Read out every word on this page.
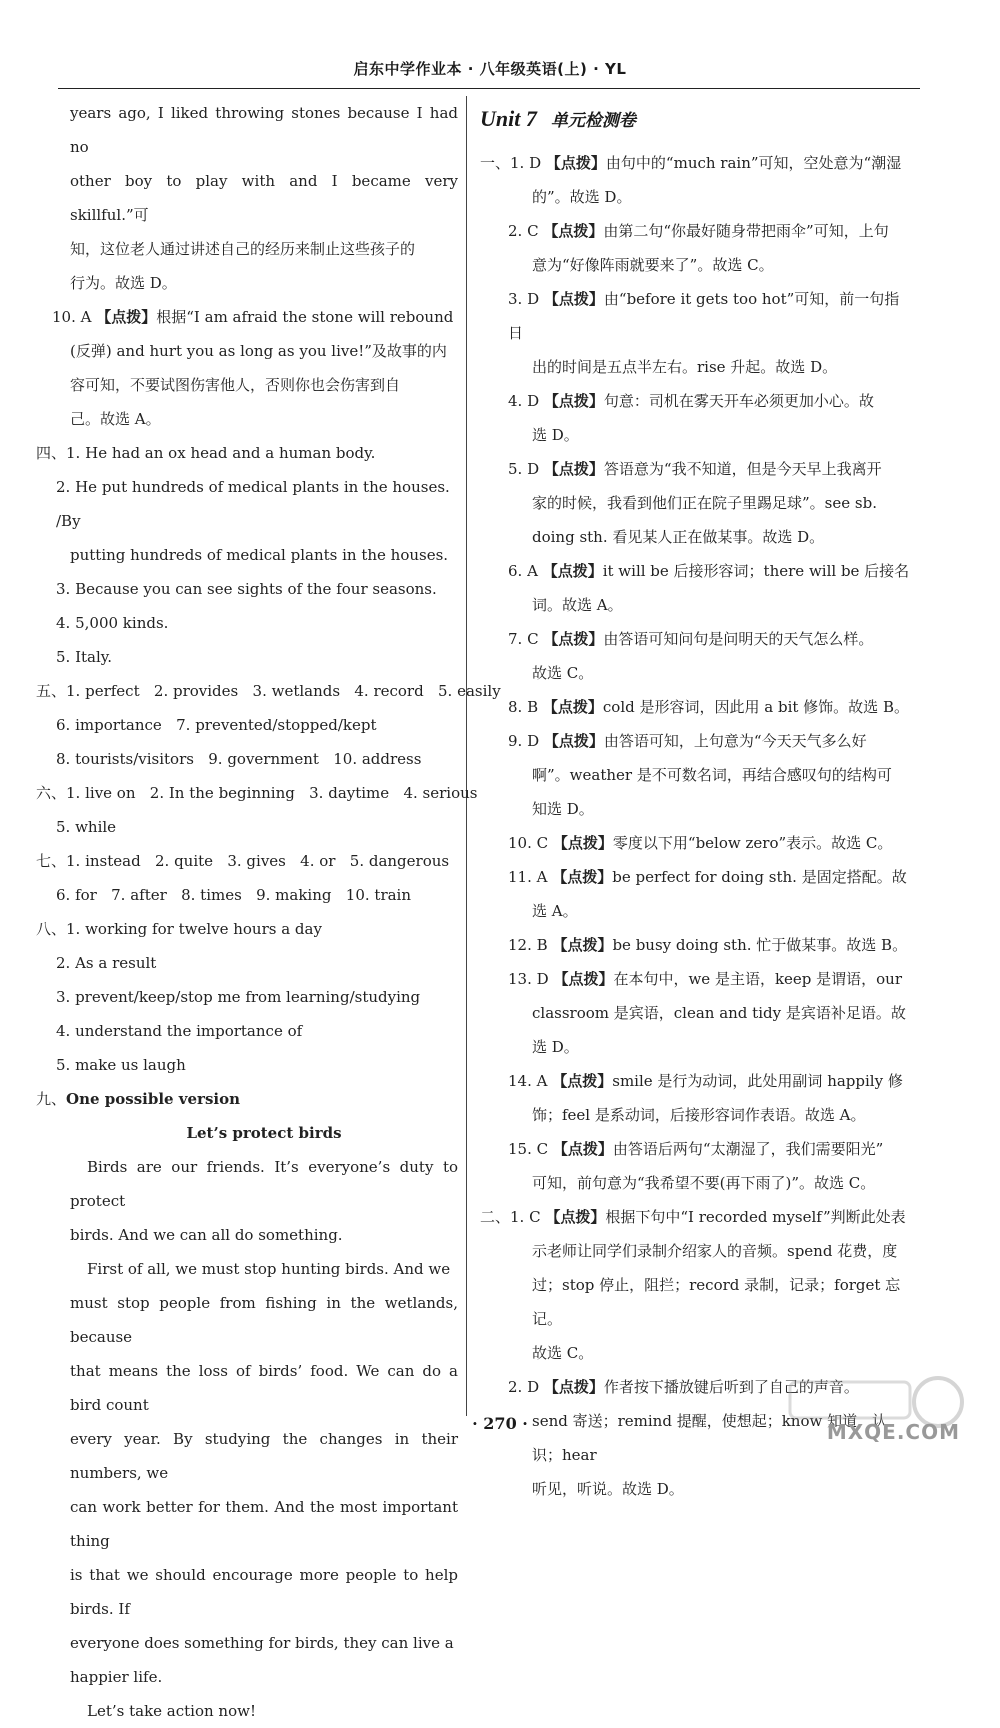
启东中学作业本 · 八年级英语(上) · YL

years ago, I liked throwing stones because I had no

other boy to play with and I became very skillful.”可

知，这位老人通过讲述自己的经历来制止这些孩子的

行为。故选 D。

10. A 【点拨】根据“I am afraid the stone will rebound

(反弹) and hurt you as long as you live!”及故事的内

容可知，不要试图伤害他人，否则你也会伤害到自

己。故选 A。

四、1. He had an ox head and a human body.

2. He put hundreds of medical plants in the houses. /By

putting hundreds of medical plants in the houses.

3. Because you can see sights of the four seasons.

4. 5,000 kinds.

5. Italy.

五、1. perfect   2. provides   3. wetlands   4. record   5. easily

6. importance   7. prevented/stopped/kept

8. tourists/visitors   9. government   10. address

六、1. live on   2. In the beginning   3. daytime   4. serious

5. while

七、1. instead   2. quite   3. gives   4. or   5. dangerous

6. for   7. after   8. times   9. making   10. train

八、1. working for twelve hours a day

2. As a result

3. prevent/keep/stop me from learning/studying

4. understand the importance of

5. make us laugh

九、One possible version

Let’s protect birds

Birds are our friends. It’s everyone’s duty to protect

birds. And we can all do something.

First of all, we must stop hunting birds. And we

must stop people from fishing in the wetlands, because

that means the loss of birds’ food. We can do a bird count

every year. By studying the changes in their numbers, we

can work better for them. And the most important thing

is that we should encourage more people to help birds. If

everyone does something for birds, they can live a

happier life.

Let’s take action now!

Unit 7 单元检测卷

一、1. D 【点拨】由句中的“much rain”可知，空处意为“潮湿

的”。故选 D。

2. C 【点拨】由第二句“你最好随身带把雨伞”可知，上句

意为“好像阵雨就要来了”。故选 C。

3. D 【点拨】由“before it gets too hot”可知，前一句指日

出的时间是五点半左右。rise 升起。故选 D。

4. D 【点拨】句意：司机在雾天开车必须更加小心。故

选 D。

5. D 【点拨】答语意为“我不知道，但是今天早上我离开

家的时候，我看到他们正在院子里踢足球”。see sb.

doing sth. 看见某人正在做某事。故选 D。

6. A 【点拨】it will be 后接形容词；there will be 后接名

词。故选 A。

7. C 【点拨】由答语可知问句是问明天的天气怎么样。

故选 C。

8. B 【点拨】cold 是形容词，因此用 a bit 修饰。故选 B。

9. D 【点拨】由答语可知，上句意为“今天天气多么好

啊”。weather 是不可数名词，再结合感叹句的结构可

知选 D。

10. C 【点拨】零度以下用“below zero”表示。故选 C。

11. A 【点拨】be perfect for doing sth. 是固定搭配。故

选 A。

12. B 【点拨】be busy doing sth. 忙于做某事。故选 B。

13. D 【点拨】在本句中，we 是主语，keep 是谓语，our

classroom 是宾语，clean and tidy 是宾语补足语。故

选 D。

14. A 【点拨】smile 是行为动词，此处用副词 happily 修

饰；feel 是系动词，后接形容词作表语。故选 A。

15. C 【点拨】由答语后两句“太潮湿了，我们需要阳光”

可知，前句意为“我希望不要(再下雨了)”。故选 C。

二、1. C 【点拨】根据下句中“I recorded myself”判断此处表

示老师让同学们录制介绍家人的音频。spend 花费，度

过；stop 停止，阻拦；record 录制，记录；forget 忘记。

故选 C。

2. D 【点拨】作者按下播放键后听到了自己的声音。

send 寄送；remind 提醒，使想起；know 知道，认识；hear

听见，听说。故选 D。

· 270 ·	MXQE.COM
